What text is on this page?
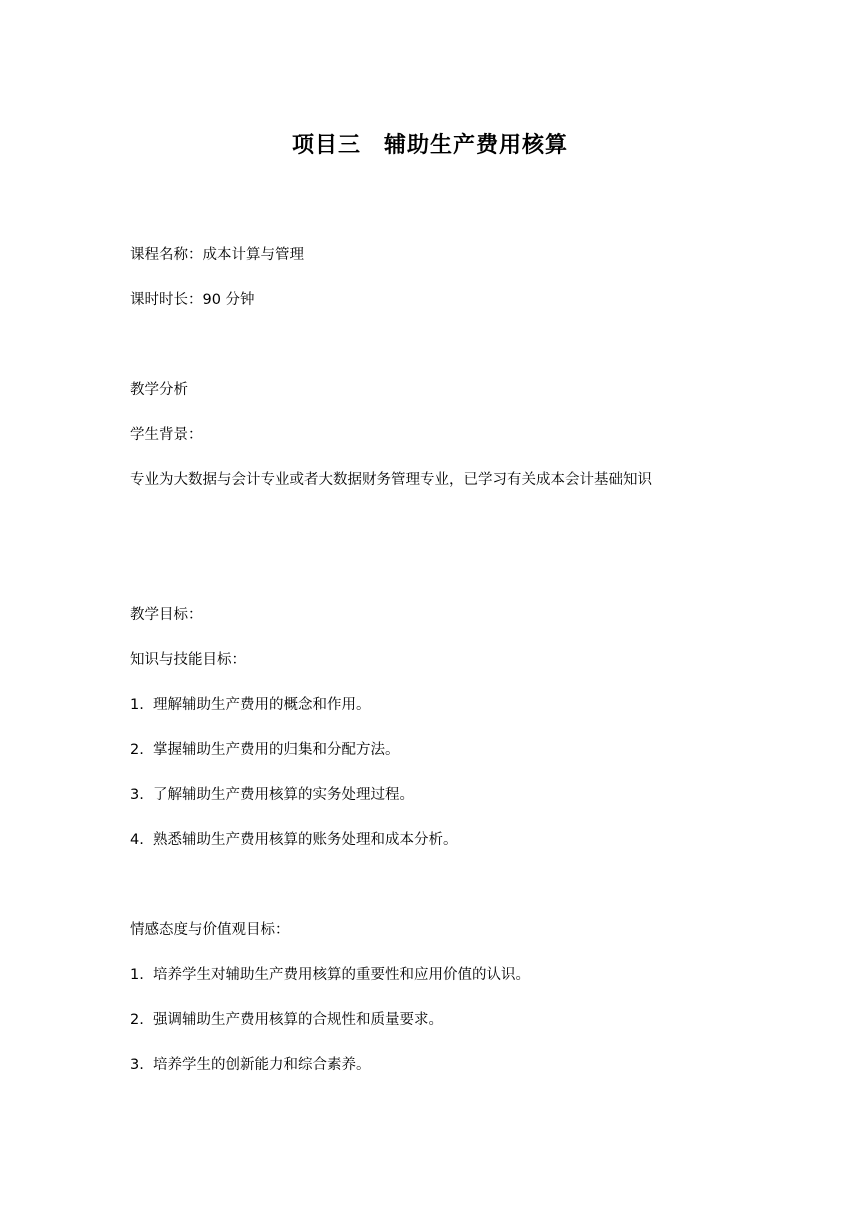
项目三　辅助生产费用核算
课程名称：成本计算与管理
课时时长：90 分钟
教学分析
学生背景：
专业为大数据与会计专业或者大数据财务管理专业，已学习有关成本会计基础知识
教学目标：
知识与技能目标：
1.  理解辅助生产费用的概念和作用。
2.  掌握辅助生产费用的归集和分配方法。
3.  了解辅助生产费用核算的实务处理过程。
4.  熟悉辅助生产费用核算的账务处理和成本分析。
情感态度与价值观目标：
1.  培养学生对辅助生产费用核算的重要性和应用价值的认识。
2.  强调辅助生产费用核算的合规性和质量要求。
3.  培养学生的创新能力和综合素养。
